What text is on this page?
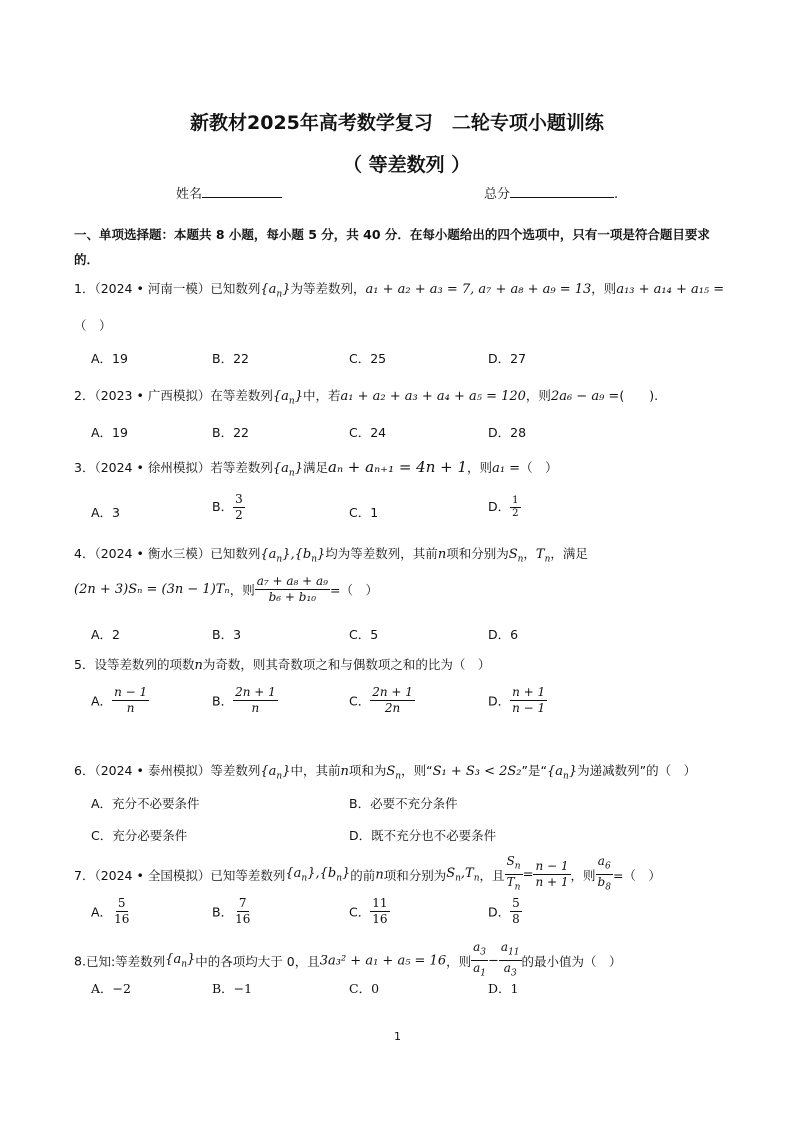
新教材2025年高考数学复习　二轮专项小题训练
（ 等差数列 ）
姓名	总分	.
一、单项选择题：本题共 8 小题，每小题 5 分，共 40 分．在每小题给出的四个选项中，只有一项是符合题目要求的．
1．（2024 • 河南一模）已知数列$\{a_n\}$为等差数列，a₁ + a₂ + a₃ = 7, a₇ + a₈ + a₉ = 13，则a₁₃ + a₁₄ + a₁₅ =
（　）
A．19	B．22	C．25	D．27
2．（2023 • 广西模拟）在等差数列$\{a_n\}$中，若a₁ + a₂ + a₃ + a₄ + a₅ = 120，则2a₆ − a₉ =(　　).
A．19	B．22	C．24	D．28
3．（2024 • 徐州模拟）若等差数列$\{a_n\}$满足aₙ + aₙ₊₁ = 4n + 1，则a₁ =（　）
A．3	B． $\frac{3}{2}$	C．1	D． $\frac{1}{2}$
4．（2024 • 衡水三模）已知数列$\{a_n\},\{b_n\}$均为等差数列，其前n项和分别为$S_n$，$T_n$，满足
(2n + 3)Sₙ = (3n − 1)Tₙ，则 $\frac{\text{a₇ + a₈ + a₉}}{\text{b₆ + b₁₀}}$ =（　）
A．2	B．3	C．5	D．6
5．设等差数列的项数n为奇数，则其奇数项之和与偶数项之和的比为（　）
A． $\frac{n - 1}{n}$	B． $\frac{2n + 1}{n}$	C． $\frac{2n + 1}{2n}$	D． $\frac{n + 1}{n - 1}$
6．（2024 • 泰州模拟）等差数列$\{a_n\}$中，其前n项和为$S_n$，则“S₁ + S₃ < 2S₂”是“$\{a_n\}$为递减数列”的（　）
A．充分不必要条件	B．必要不充分条件
C．充分必要条件	D．既不充分也不必要条件
7．（2024 • 全国模拟）已知等差数列$\{a_n\},\{b_n\}$的前n项和分别为$S_n,T_n$，且 $\frac{S_n}{T_n} = \frac{n - 1}{n + 1}$ ，则 $\frac{a_6}{b_8}$ =（　）
A． $\frac{5}{16}$	B． $\frac{7}{16}$	C． $\frac{11}{16}$	D． $\frac{5}{8}$
8.已知:等差数列$\{a_n\}$中的各项均大于 0，且3a₃² + a₁ + a₅ = 16，则 $\frac{a_3}{a_1} - \frac{a_{11}}{a_3}$ 的最小值为（　）
A．−2	B．−1	C．0	D．1
1
